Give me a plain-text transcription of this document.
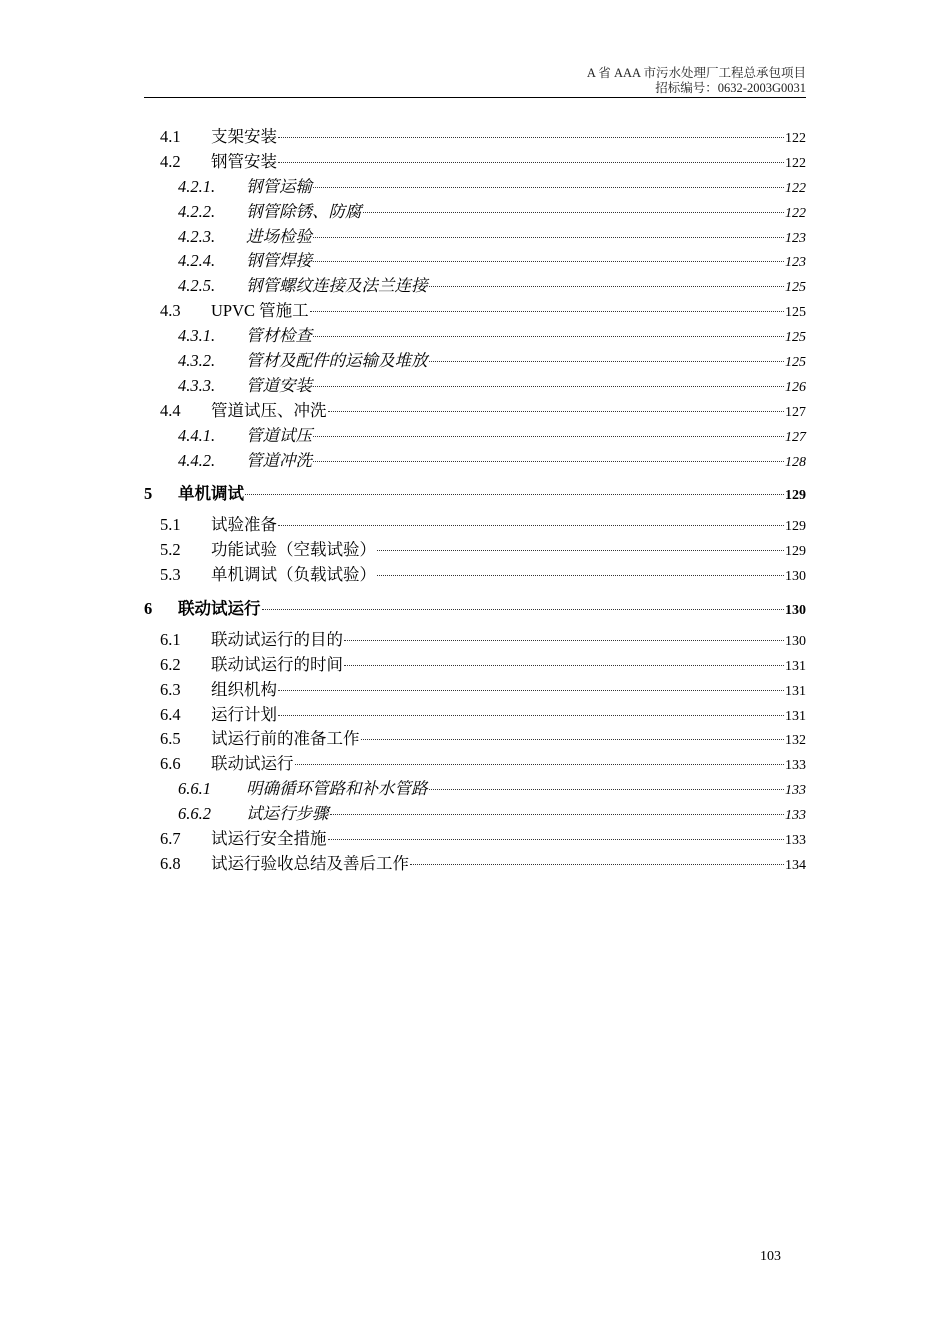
A 省 AAA 市污水处理厂工程总承包项目
招标编号：0632-2003G0031
4.1	支架安装	122
4.2	钢管安装	122
4.2.1.	钢管运输	122
4.2.2.	钢管除锈、防腐	122
4.2.3.	进场检验	123
4.2.4.	钢管焊接	123
4.2.5.	钢管螺纹连接及法兰连接	125
4.3	UPVC 管施工	125
4.3.1.	管材检查	125
4.3.2.	管材及配件的运输及堆放	125
4.3.3.	管道安装	126
4.4	管道试压、冲洗	127
4.4.1.	管道试压	127
4.4.2.	管道冲洗	128
5	单机调试	129
5.1	试验准备	129
5.2	功能试验（空载试验）	129
5.3	单机调试（负载试验）	130
6	联动试运行	130
6.1	联动试运行的目的	130
6.2	联动试运行的时间	131
6.3	组织机构	131
6.4	运行计划	131
6.5	试运行前的准备工作	132
6.6	联动试运行	133
6.6.1	明确循环管路和补水管路	133
6.6.2	试运行步骤	133
6.7	试运行安全措施	133
6.8	试运行验收总结及善后工作	134
103
